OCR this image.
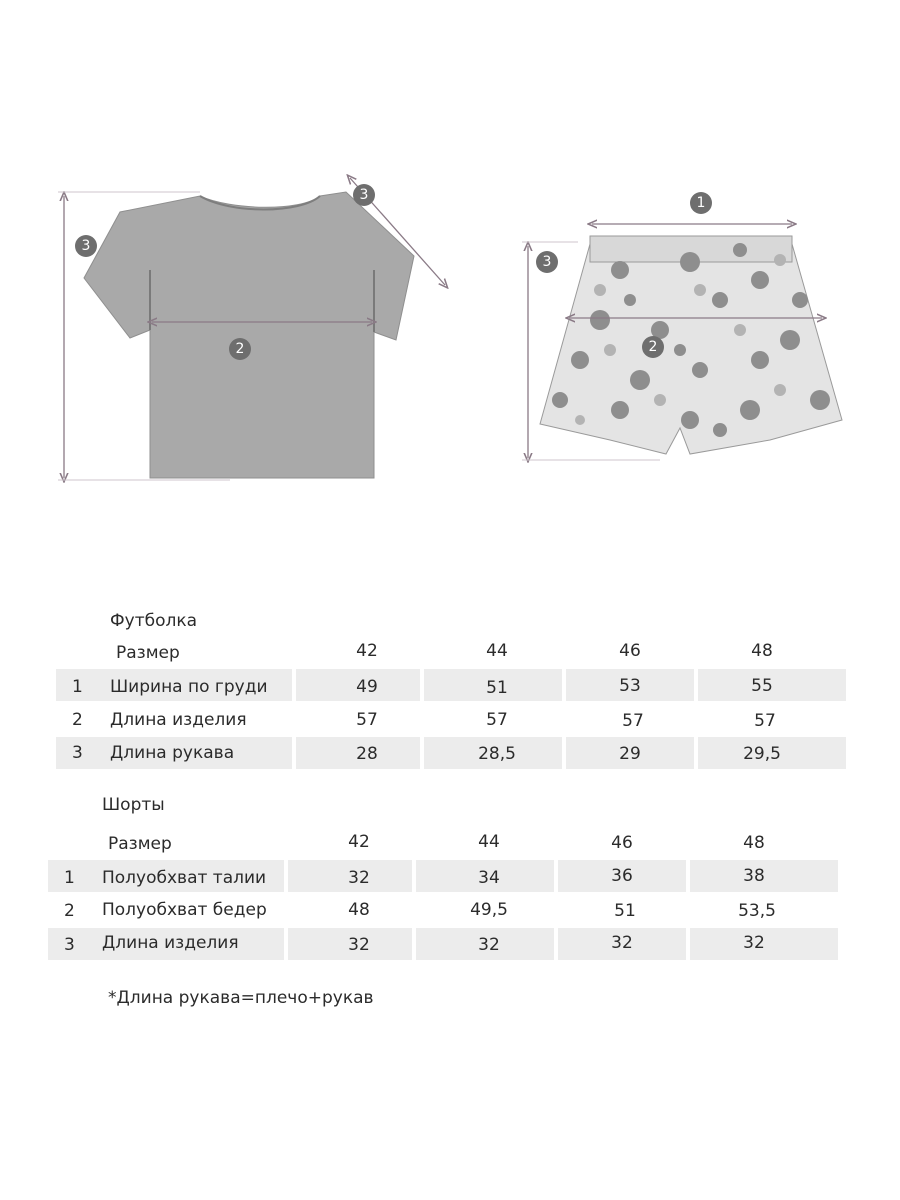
3
3
2
1
3
2
Футболка
Размер	42	44	46	48
1 Ширина по груди	49	51	53	55
2 Длина изделия	57	57	57	57
3 Длина рукава	28	28,5	29	29,5
Шорты
Размер	42	44	46	48
1 Полуобхват талии	32	34	36	38
2 Полуобхват бедер	48	49,5	51	53,5
3 Длина изделия	32	32	32	32
*Длина рукава=плечо+рукав
